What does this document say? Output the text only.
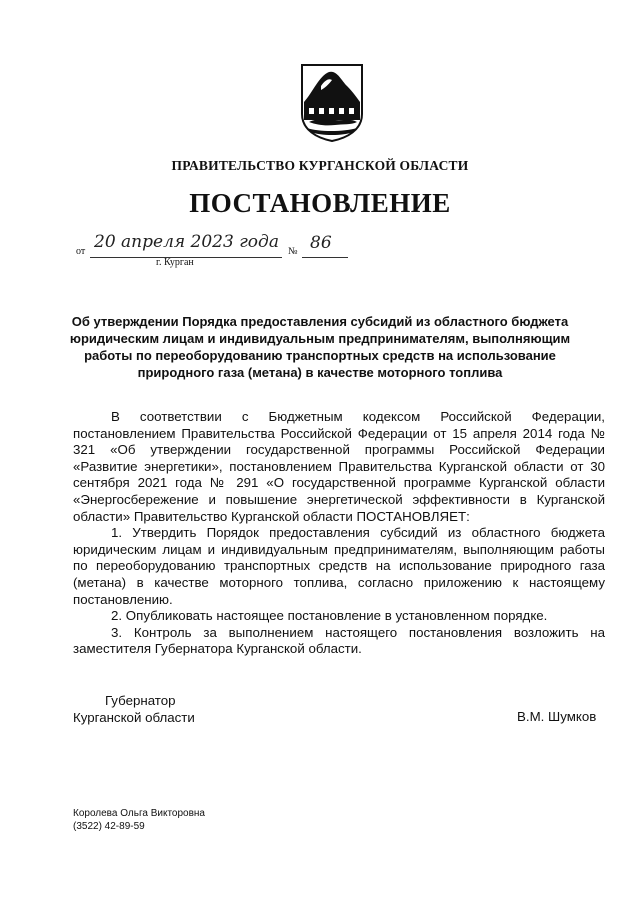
ПРАВИТЕЛЬСТВО КУРГАНСКОЙ ОБЛАСТИ
ПОСТАНОВЛЕНИЕ
от 20 апреля 2023 года № 86
г. Курган
Об утверждении Порядка предоставления субсидий из областного бюджета юридическим лицам и индивидуальным предпринимателям, выполняющим работы по переоборудованию транспортных средств на использование природного газа (метана) в качестве моторного топлива

В соответствии с Бюджетным кодексом Российской Федерации, постановлением Правительства Российской Федерации от 15 апреля 2014 года № 321 «Об утверждении государственной программы Российской Федерации «Развитие энергетики», постановлением Правительства Курганской области от 30 сентября 2021 года № 291 «О государственной программе Курганской области «Энергосбережение и повышение энергетической эффективности в Курганской области» Правительство Курганской области ПОСТАНОВЛЯЕТ:

1. Утвердить Порядок предоставления субсидий из областного бюджета юридическим лицам и индивидуальным предпринимателям, выполняющим работы по переоборудованию транспортных средств на использование природного газа (метана) в качестве моторного топлива, согласно приложению к настоящему постановлению.

2. Опубликовать настоящее постановление в установленном порядке.

3. Контроль за выполнением настоящего постановления возложить на заместителя Губернатора Курганской области.

Губернатор
Курганской области	В.М. Шумков
Королева Ольга Викторовна
(3522) 42-89-59
